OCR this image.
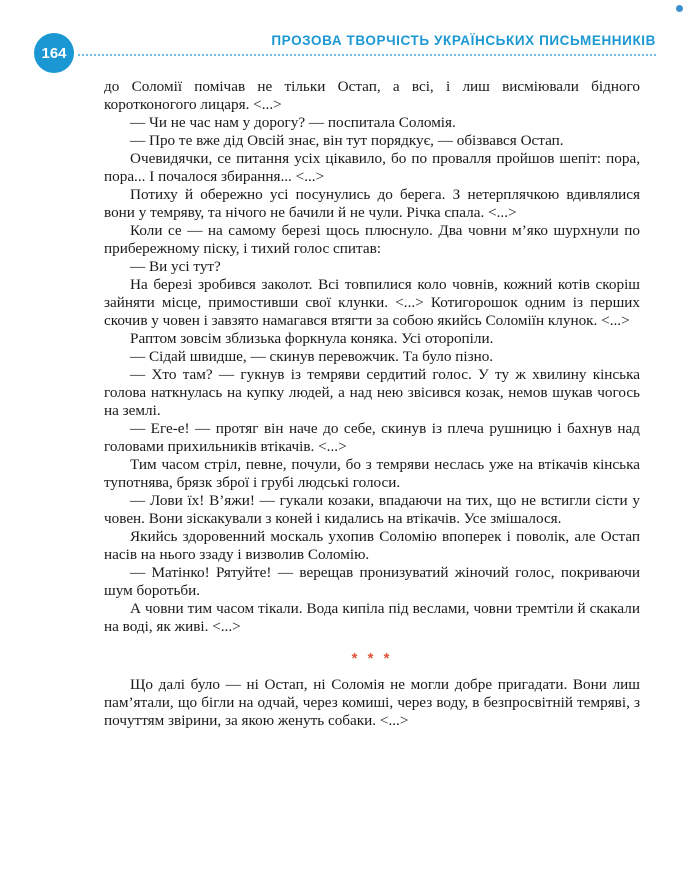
164
ПРОЗОВА ТВОРЧІСТЬ УКРАЇНСЬКИХ ПИСЬМЕННИКІВ

до Соломії помічав не тільки Остап, а всі, і лиш висміювали бідного коротконогого лицаря. <...>

— Чи не час нам у дорогу? — поспитала Соломія.

— Про те вже дід Овсій знає, він тут порядкує, — обізвався Остап.

Очевидячки, се питання усіх цікавило, бо по провалля пройшов шепіт: пора, пора... І почалося збирання... <...>

Потиху й обережно усі посунулись до берега. З нетерплячкою вдивлялися вони у темряву, та нічого не бачили й не чули. Річка спала. <...>

Коли се — на самому березі щось плюснуло. Два човни м’яко шурхнули по прибережному піску, і тихий голос спитав:

— Ви усі тут?

На березі зробився заколот. Всі товпилися коло човнів, кожний котів скоріш зайняти місце, примостивши свої клунки. <...> Котигорошок одним із перших скочив у човен і завзято намагався втягти за собою якийсь Соломіїн клунок. <...>

Раптом зовсім зблизька форкнула коняка. Усі оторопіли.

— Сідай швидше, — скинув перевожчик. Та було пізно.

— Хто там? — гукнув із темряви сердитий голос. У ту ж хвилину кінська голова наткнулась на купку людей, а над нею звісився козак, немов шукав чогось на землі.

— Еге-е! — протяг він наче до себе, скинув із плеча рушницю і бахнув над головами прихильників втікачів. <...>

Тим часом стріл, певне, почули, бо з темряви неслась уже на втікачів кінська тупотнява, брязк зброї і грубі людські голоси.

— Лови їх! В’яжи! — гукали козаки, впадаючи на тих, що не встигли сісти у човен. Вони зіскакували з коней і кидались на втікачів. Усе змішалося.

Якийсь здоровенний москаль ухопив Соломію впоперек і поволік, але Остап насів на нього ззаду і визволив Соломію.

— Матінко! Рятуйте! — верещав пронизуватий жіночий голос, покриваючи шум боротьби.

А човни тим часом тікали. Вода кипіла під веслами, човни тремтіли й скакали на воді, як живі. <...>

* * *

Що далі було — ні Остап, ні Соломія не могли добре пригадати. Вони лиш пам’ятали, що бігли на одчай, через комиші, через воду, в безпросвітній темряві, з почуттям звірини, за якою женуть собаки. <...>
